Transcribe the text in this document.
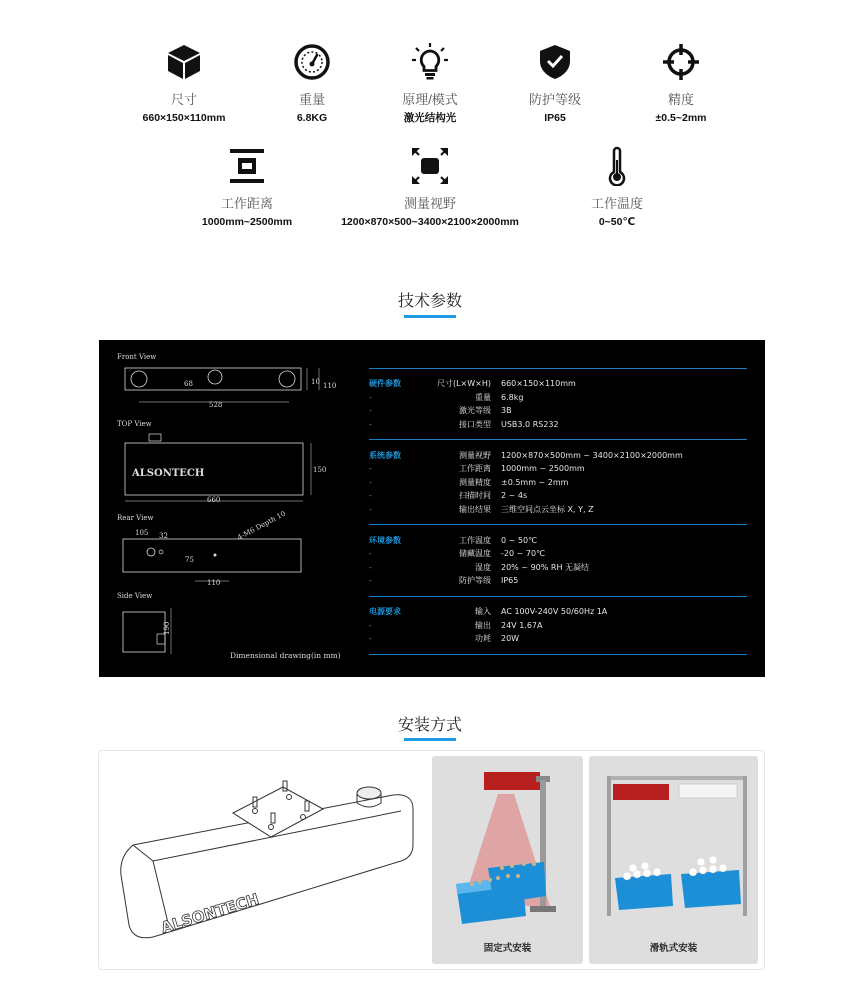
尺寸
660×150×110mm
重量
6.8KG
原理/模式
激光结构光
防护等级
IP65
精度
±0.5~2mm
工作距离
1000mm~2500mm
测量视野
1200×870×500~3400×2100×2000mm
工作温度
0~50℃
技术参数
Front View
528
68	10 110
TOP View
ALSONTECH
660
150
Rear View
105 32
75
110
4-M6 Depth 10
Side View
190
Dimensional drawing(in mm)
硬件参数	尺寸(L×W×H)	660×150×110mm
-	重量	6.8kg
-	激光等级	3B
-	接口类型	USB3.0 RS232
系统参数	测量视野	1200×870×500mm ~ 3400×2100×2000mm
-	工作距离	1000mm ~ 2500mm
-	测量精度	±0.5mm ~ 2mm
-	扫描时间	2 ~ 4s
-	输出结果	三维空间点云坐标 X, Y, Z
环境参数	工作温度	0 ~ 50℃
-	储藏温度	-20 ~ 70℃
-	湿度	20% ~ 90% RH 无凝结
-	防护等级	IP65
电源要求	输入	AC 100V-240V 50/60Hz 1A
-	输出	24V 1.67A
-	功耗	20W
安装方式
ALSONTECH
固定式安装	滑轨式安装
